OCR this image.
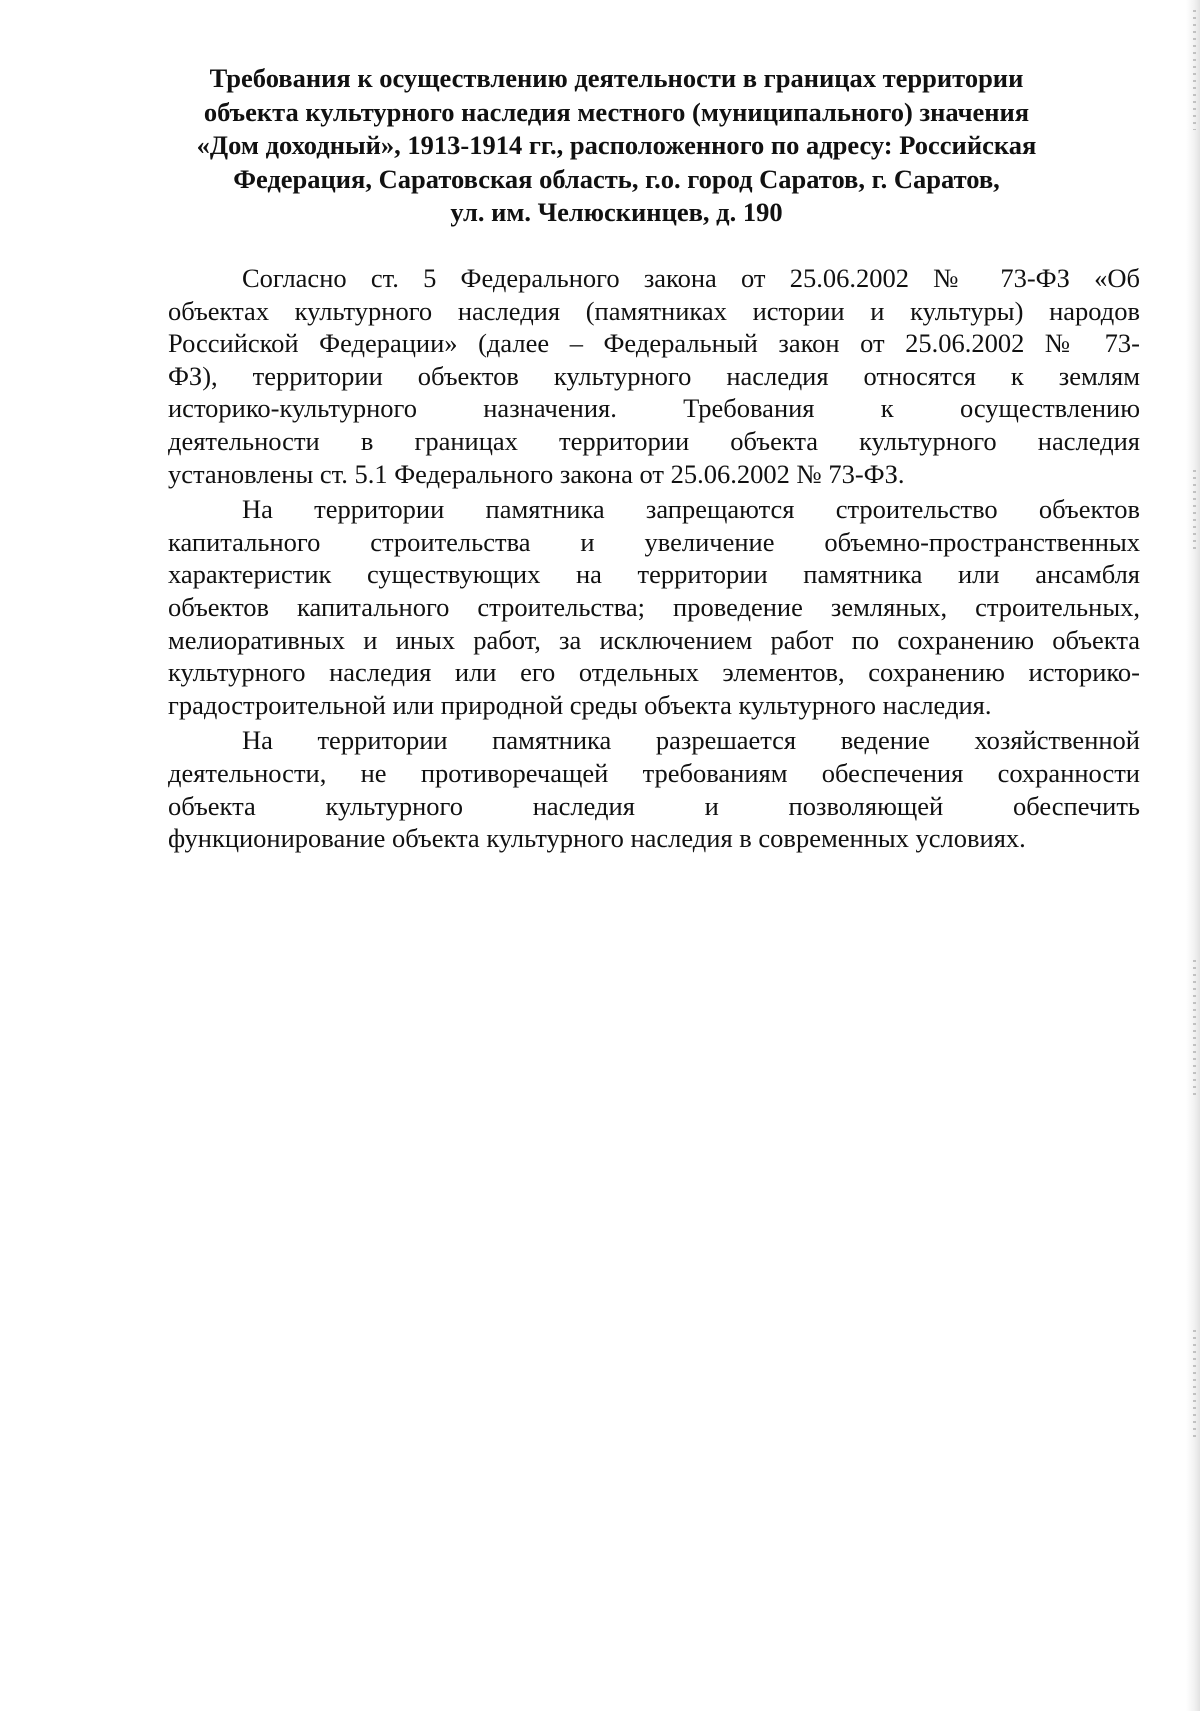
Требования к осуществлению деятельности в границах территории
объекта культурного наследия местного (муниципального) значения
«Дом доходный», 1913-1914 гг., расположенного по адресу: Российская
Федерация, Саратовская область, г.о. город Саратов, г. Саратов,
ул. им. Челюскинцев, д. 190
Согласно ст. 5 Федерального закона от 25.06.2002 № 73-ФЗ «Об
объектах культурного наследия (памятниках истории и культуры) народов
Российской Федерации» (далее – Федеральный закон от 25.06.2002 № 73-
ФЗ), территории объектов культурного наследия относятся к землям
историко-культурного назначения. Требования к осуществлению
деятельности в границах территории объекта культурного наследия
установлены ст. 5.1 Федерального закона от 25.06.2002 № 73-ФЗ.
На территории памятника запрещаются строительство объектов
капитального строительства и увеличение объемно-пространственных
характеристик существующих на территории памятника или ансамбля
объектов капитального строительства; проведение земляных, строительных,
мелиоративных и иных работ, за исключением работ по сохранению объекта
культурного наследия или его отдельных элементов, сохранению историко-
градостроительной или природной среды объекта культурного наследия.
На территории памятника разрешается ведение хозяйственной
деятельности, не противоречащей требованиям обеспечения сохранности
объекта культурного наследия и позволяющей обеспечить
функционирование объекта культурного наследия в современных условиях.
